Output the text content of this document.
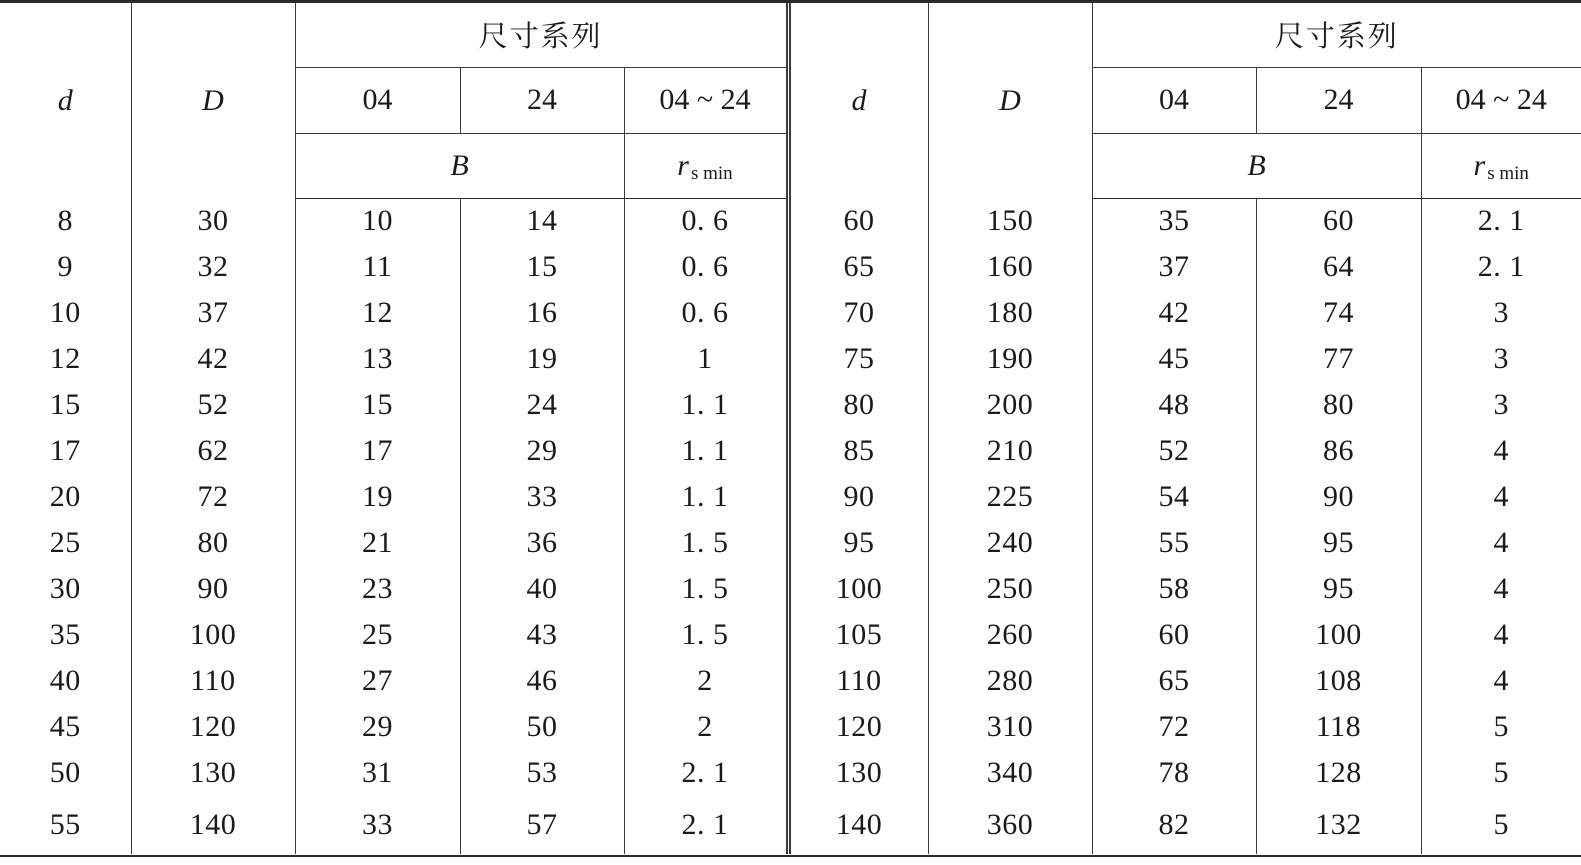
d	D	尺寸系列			d	D	尺寸系列		
		04	24	04 ~ 24			04	24	04 ~ 24
		B		r s min			B		r s min
8	30	10	14	0. 6	60	150	35	60	2. 1
9	32	11	15	0. 6	65	160	37	64	2. 1
10	37	12	16	0. 6	70	180	42	74	3
12	42	13	19	1	75	190	45	77	3
15	52	15	24	1. 1	80	200	48	80	3
17	62	17	29	1. 1	85	210	52	86	4
20	72	19	33	1. 1	90	225	54	90	4
25	80	21	36	1. 5	95	240	55	95	4
30	90	23	40	1. 5	100	250	58	95	4
35	100	25	43	1. 5	105	260	60	100	4
40	110	27	46	2	110	280	65	108	4
45	120	29	50	2	120	310	72	118	5
50	130	31	53	2. 1	130	340	78	128	5
55	140	33	57	2. 1	140	360	82	132	5
